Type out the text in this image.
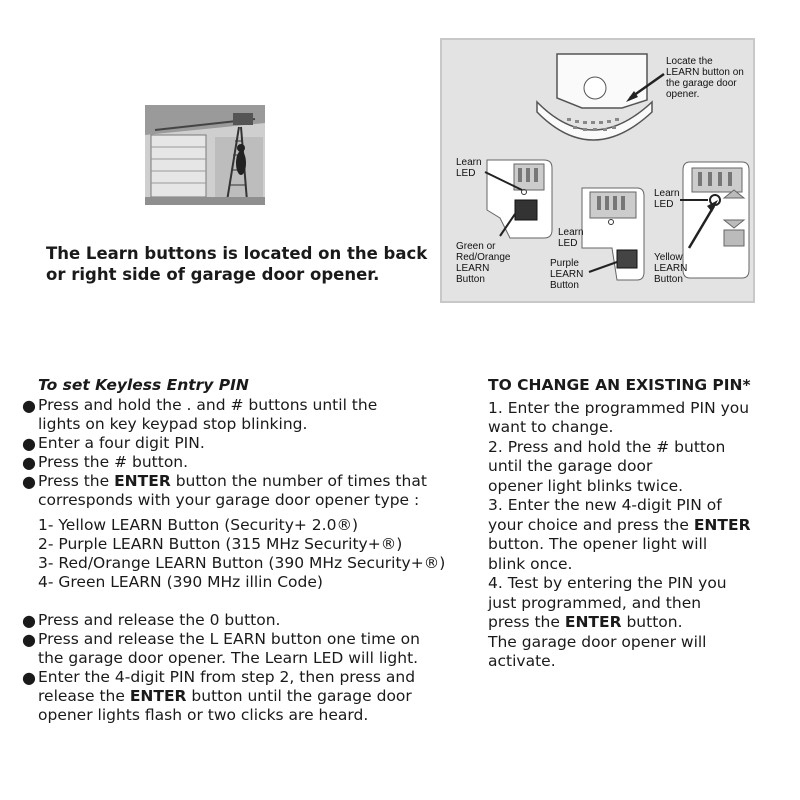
The Learn buttons is located on the back
or right side of garage door opener.
Locate the
LEARN button on
the garage door
opener.
Learn
LED
Learn
LED
Learn
LED
Green or
Red/Orange
LEARN
Button
Purple
LEARN
Button
Yellow
LEARN
Button
To set Keyless Entry PIN
● Press and hold the . and # buttons until the
lights on key keypad stop blinking.
● Enter a four digit PIN.
● Press the # button.
● Press the ENTER button the number of times that
corresponds with your garage door opener type :
1- Yellow LEARN Button (Security+ 2.0®)
2- Purple LEARN Button (315 MHz Security+®)
3- Red/Orange LEARN Button (390 MHz Security+®)
4- Green LEARN (390 MHz illin Code)
● Press and release the 0 button.
● Press and release the L EARN button one time on
the garage door opener. The Learn LED will light.
● Enter the 4-digit PIN from step 2, then press and
release the ENTER button until the garage door
opener lights flash or two clicks are heard.
TO CHANGE AN EXISTING PIN*
1. Enter the programmed PIN you
want to change.
2. Press and hold the # button
until the garage door
opener light blinks twice.
3. Enter the new 4-digit PIN of
your choice and press the ENTER
button. The opener light will
blink once.
4. Test by entering the PIN you
just programmed, and then
press the ENTER button.
The garage door opener will
activate.
